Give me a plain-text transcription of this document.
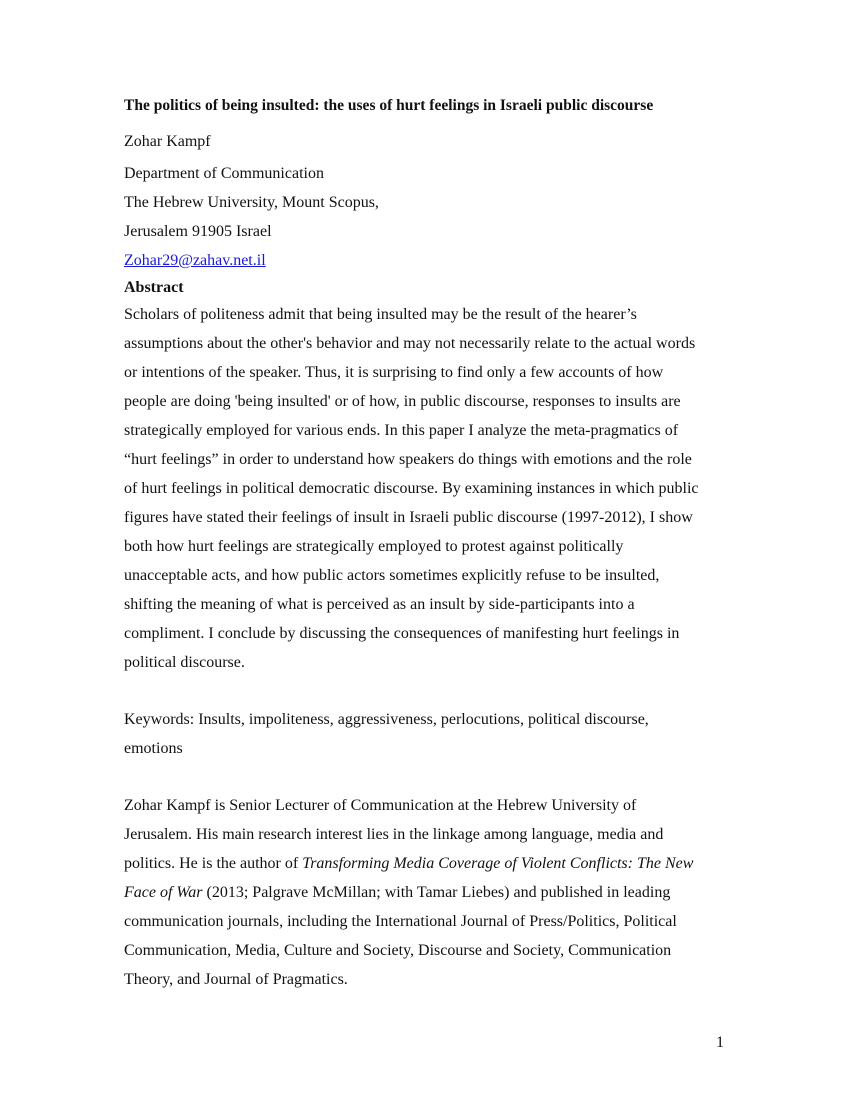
The politics of being insulted: the uses of hurt feelings in Israeli public discourse
Zohar Kampf
Department of Communication
The Hebrew University, Mount Scopus,
Jerusalem 91905 Israel
Zohar29@zahav.net.il
Abstract
Scholars of politeness admit that being insulted may be the result of the hearer’s
assumptions about the other's behavior and may not necessarily relate to the actual words
or intentions of the speaker. Thus, it is surprising to find only a few accounts of how
people are doing 'being insulted' or of how, in public discourse, responses to insults are
strategically employed for various ends. In this paper I analyze the meta-pragmatics of
“hurt feelings” in order to understand how speakers do things with emotions and the role
of hurt feelings in political democratic discourse. By examining instances in which public
figures have stated their feelings of insult in Israeli public discourse (1997-2012), I show
both how hurt feelings are strategically employed to protest against politically
unacceptable acts, and how public actors sometimes explicitly refuse to be insulted,
shifting the meaning of what is perceived as an insult by side-participants into a
compliment. I conclude by discussing the consequences of manifesting hurt feelings in
political discourse.
Keywords: Insults, impoliteness, aggressiveness, perlocutions, political discourse,
emotions
Zohar Kampf is Senior Lecturer of Communication at the Hebrew University of
Jerusalem. His main research interest lies in the linkage among language, media and
politics. He is the author of Transforming Media Coverage of Violent Conflicts: The New
Face of War (2013; Palgrave McMillan; with Tamar Liebes) and published in leading
communication journals, including the International Journal of Press/Politics, Political
Communication, Media, Culture and Society, Discourse and Society, Communication
Theory, and Journal of Pragmatics.
1
